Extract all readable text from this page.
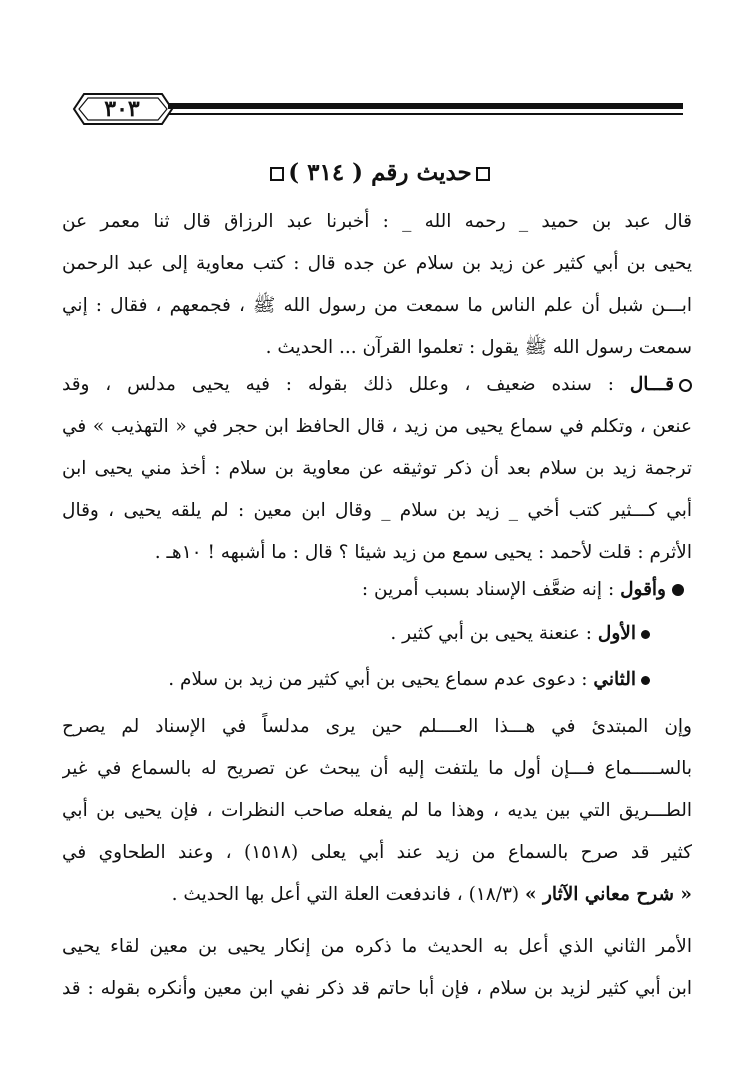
٣٠٣
حديث رقم ( ٣١٤ )
قال عبد بن حميد _ رحمه الله _ : أخبرنا عبد الرزاق قال ثنا معمر عن
يحيى بن أبي كثير عن زيد بن سلام عن جده قال : كتب معاوية إلى عبد الرحمن
ابـــن شبل أن علم الناس ما سمعت من رسول الله ﷺ ، فجمعهم ، فقال : إني
سمعت رسول الله ﷺ يقول : تعلموا القرآن ... الحديث .
قـــال : سنده ضعيف ، وعلل ذلك بقوله : فيه يحيى مدلس ، وقد
عنعن ، وتكلم في سماع يحيى من زيد ، قال الحافظ ابن حجر في « التهذيب » في
ترجمة زيد بن سلام بعد أن ذكر توثيقه عن معاوية بن سلام : أخذ مني يحيى ابن
أبي كـــثير كتب أخي _ زيد بن سلام _ وقال ابن معين : لم يلقه يحيى ، وقال
الأثرم : قلت لأحمد : يحيى سمع من زيد شيئا ؟ قال : ما أشبهه ! ١٠هـ .
وأقول : إنه ضعَّف الإسناد بسبب أمرين :
الأول : عنعنة يحيى بن أبي كثير .
الثاني : دعوى عدم سماع يحيى بن أبي كثير من زيد بن سلام .
وإن المبتدئ في هـــذا العــــلم حين يرى مدلساً في الإسناد لم يصرح
بالســـــماع فـــإن أول ما يلتفت إليه أن يبحث عن تصريح له بالسماع في غير
الطـــريق التي بين يديه ، وهذا ما لم يفعله صاحب النظرات ، فإن يحيى بن أبي
كثير قد صرح بالسماع من زيد عند أبي يعلى (١٥١٨) ، وعند الطحاوي في
« شرح معاني الآثار » (١٨/٣) ، فاندفعت العلة التي أعل بها الحديث .
الأمر الثاني الذي أعل به الحديث ما ذكره من إنكار يحيى بن معين لقاء يحيى
ابن أبي كثير لزيد بن سلام ، فإن أبا حاتم قد ذكر نفي ابن معين وأنكره بقوله : قد
